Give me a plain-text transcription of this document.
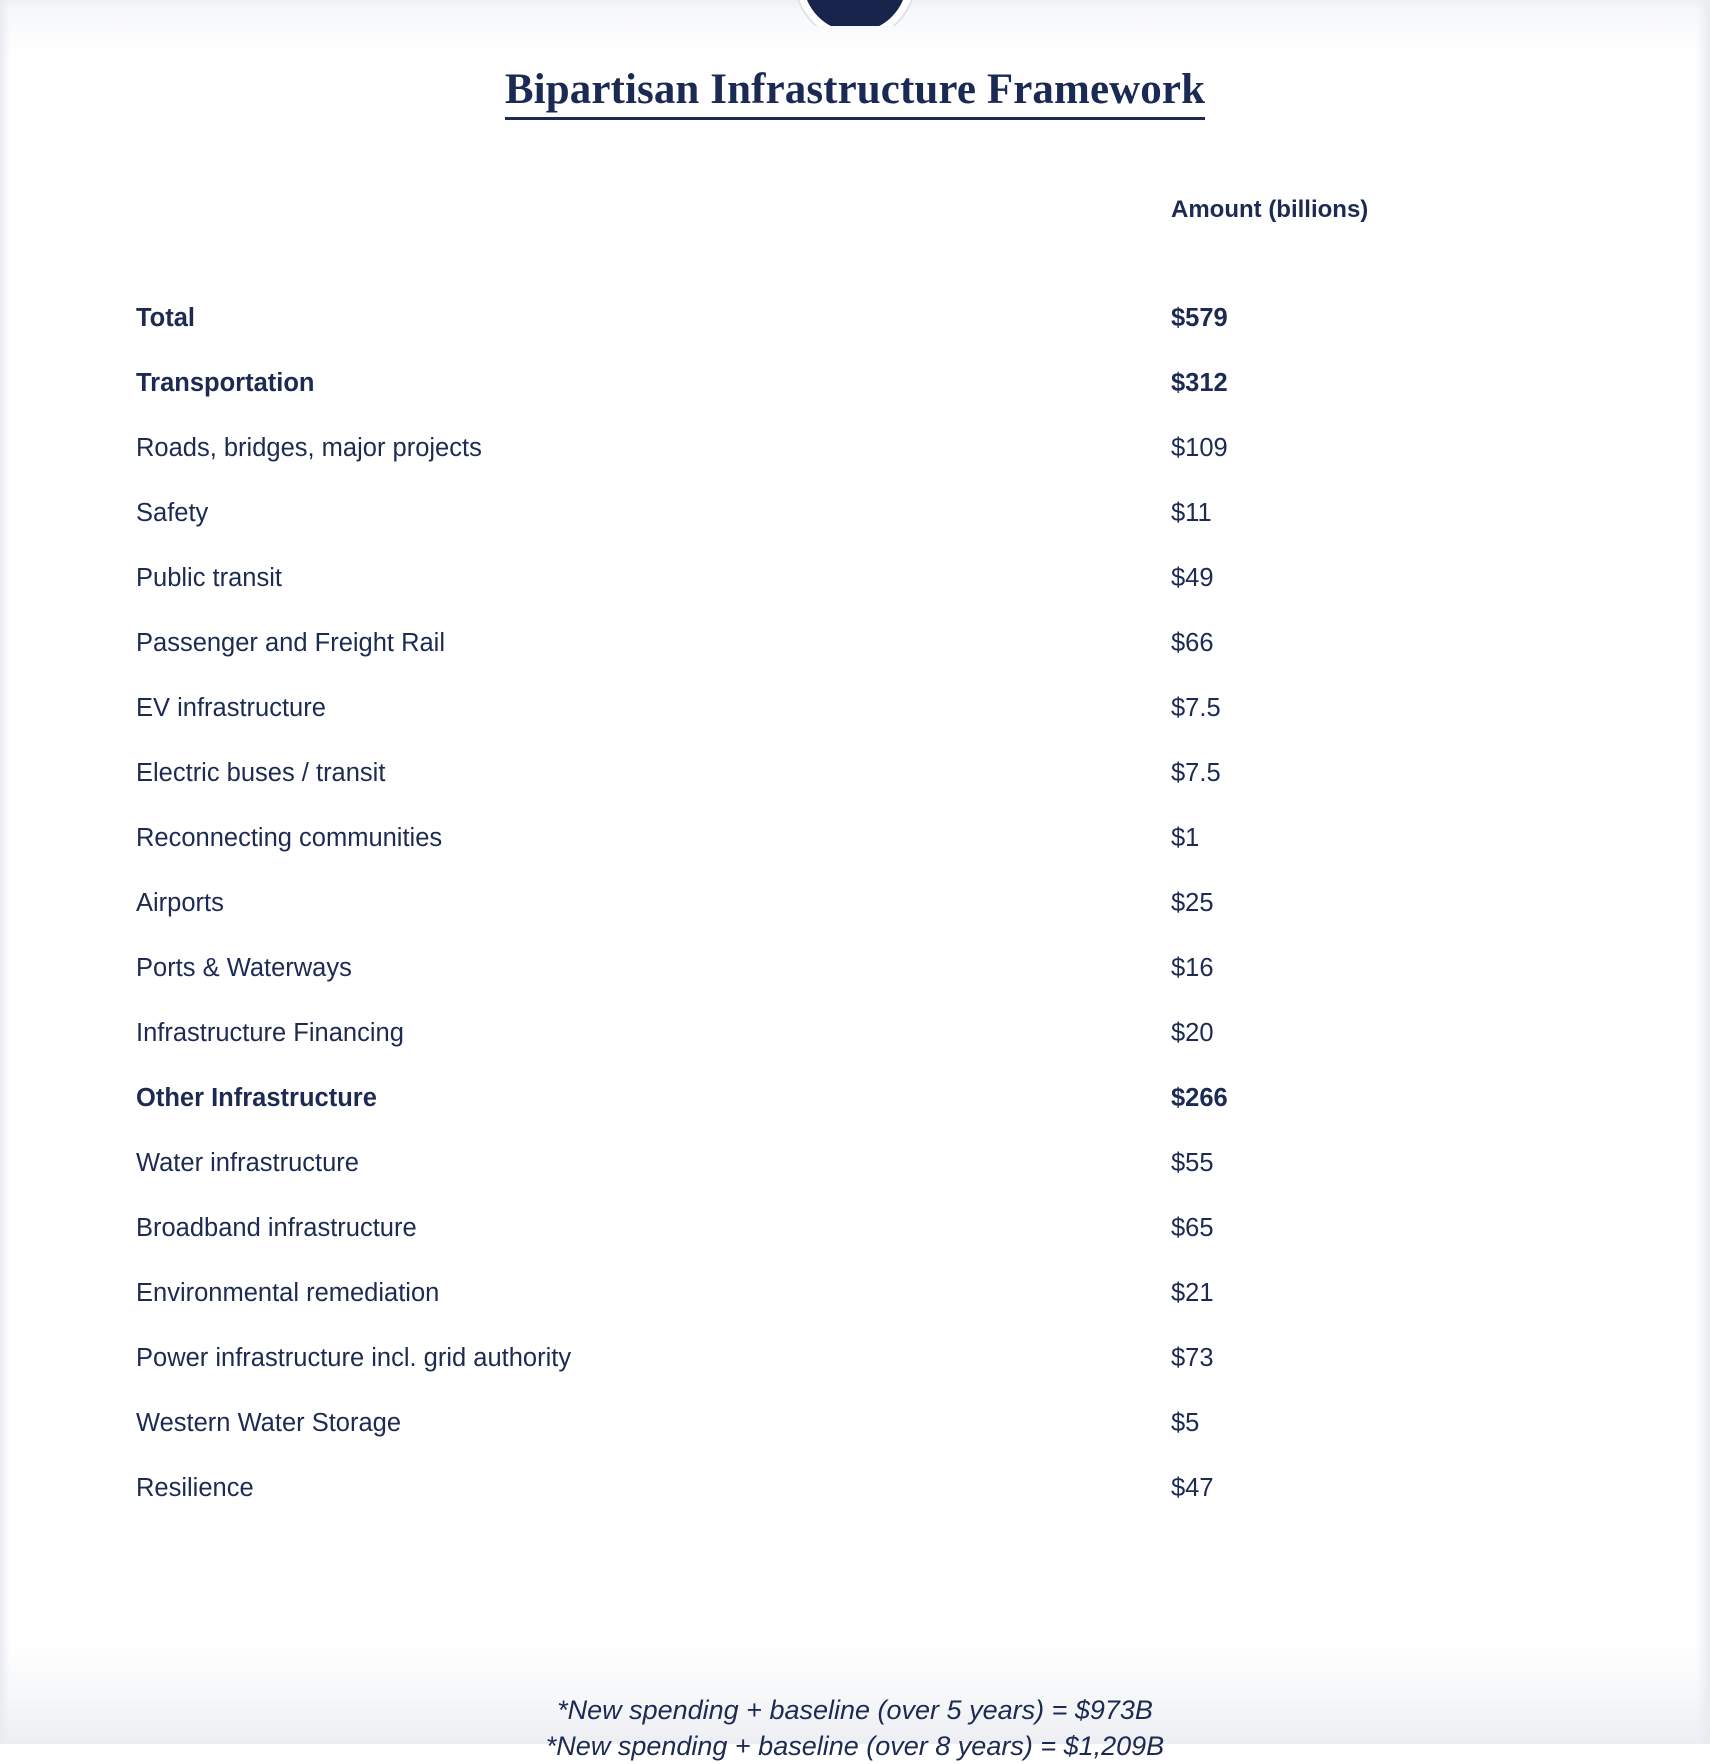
Bipartisan Infrastructure Framework
Amount (billions)
Total	$579
Transportation	$312
Roads, bridges, major projects	$109
Safety	$11
Public transit	$49
Passenger and Freight Rail	$66
EV infrastructure	$7.5
Electric buses / transit	$7.5
Reconnecting communities	$1
Airports	$25
Ports & Waterways	$16
Infrastructure Financing	$20
Other Infrastructure	$266
Water infrastructure	$55
Broadband infrastructure	$65
Environmental remediation	$21
Power infrastructure incl. grid authority	$73
Western Water Storage	$5
Resilience	$47
*New spending + baseline (over 5 years) = $973B
*New spending + baseline (over 8 years) = $1,209B
